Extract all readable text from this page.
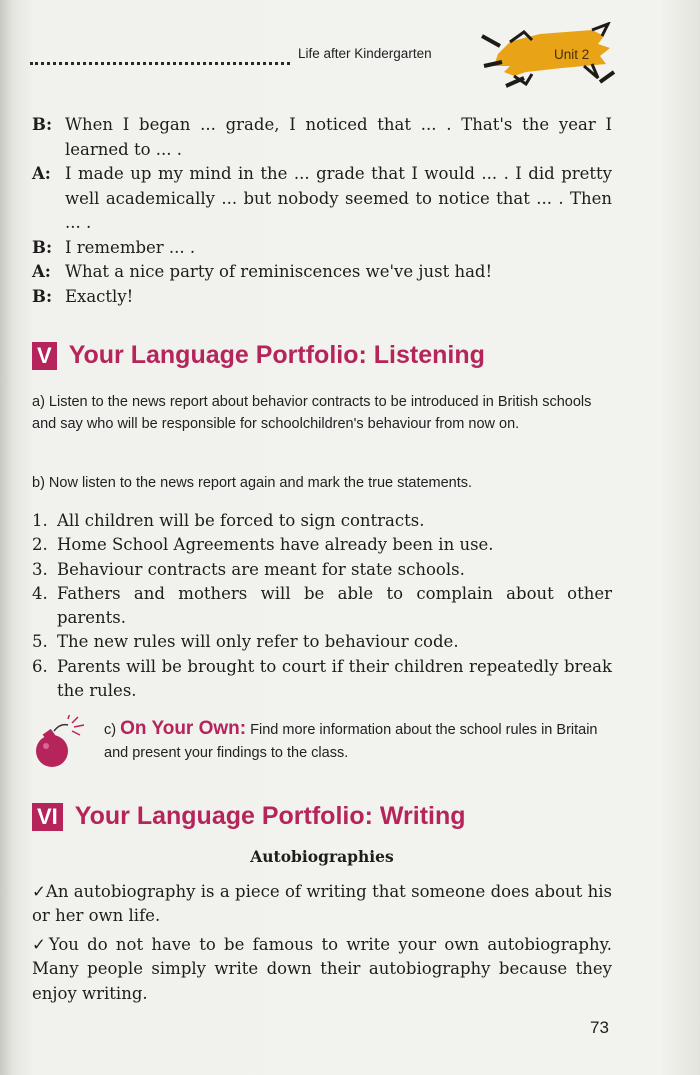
Life after Kindergarten	Unit 2
B: When I began ... grade, I noticed that ... . That's the year I learned to ... .
A: I made up my mind in the ... grade that I would ... . I did pretty well academically ... but nobody seemed to notice that ... . Then ... .
B: I remember ... .
A: What a nice party of reminiscences we've just had!
B: Exactly!
V Your Language Portfolio: Listening
a) Listen to the news report about behavior contracts to be introduced in British schools and say who will be responsible for schoolchildren's behaviour from now on.
b) Now listen to the news report again and mark the true statements.
1. All children will be forced to sign contracts.
2. Home School Agreements have already been in use.
3. Behaviour contracts are meant for state schools.
4. Fathers and mothers will be able to complain about other parents.
5. The new rules will only refer to behaviour code.
6. Parents will be brought to court if their children repeatedly break the rules.
c) On Your Own: Find more information about the school rules in Britain and present your findings to the class.
VI Your Language Portfolio: Writing
Autobiographies
✓An autobiography is a piece of writing that someone does about his or her own life.
✓You do not have to be famous to write your own autobiography. Many people simply write down their autobiography because they enjoy writing.
73
